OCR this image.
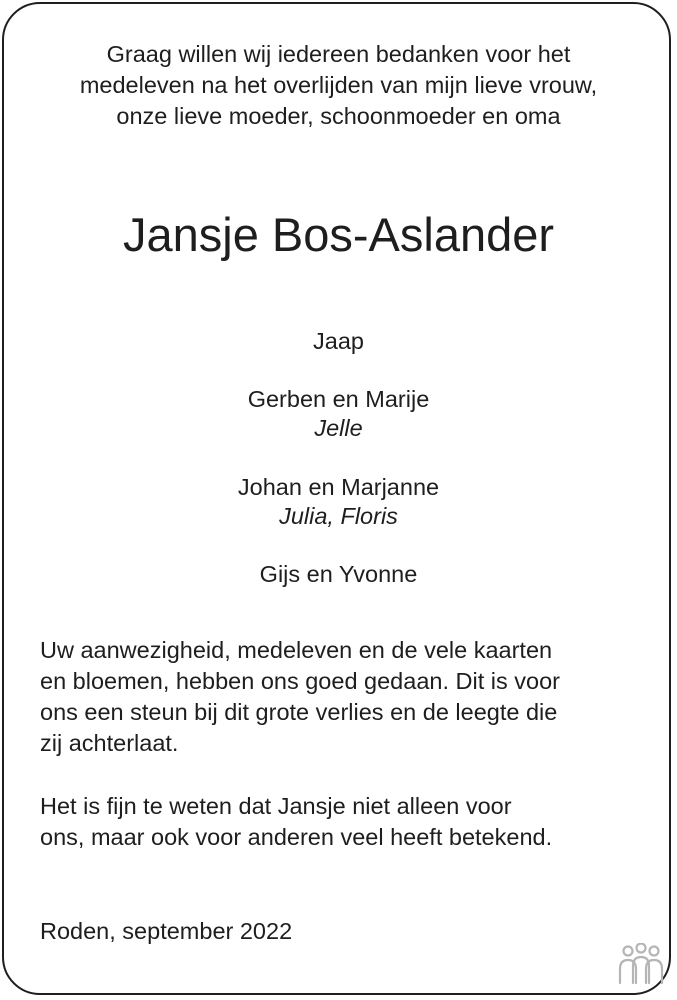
Graag willen wij iedereen bedanken voor het
medeleven na het overlijden van mijn lieve vrouw,
onze lieve moeder, schoonmoeder en oma
Jansje Bos-Aslander
Jaap
Gerben en Marije
Jelle
Johan en Marjanne
Julia, Floris
Gijs en Yvonne
Uw aanwezigheid, medeleven en de vele kaarten
en bloemen, hebben ons goed gedaan. Dit is voor
ons een steun bij dit grote verlies en de leegte die
zij achterlaat.
Het is fijn te weten dat Jansje niet alleen voor
ons, maar ook voor anderen veel heeft betekend.
Roden, september 2022
